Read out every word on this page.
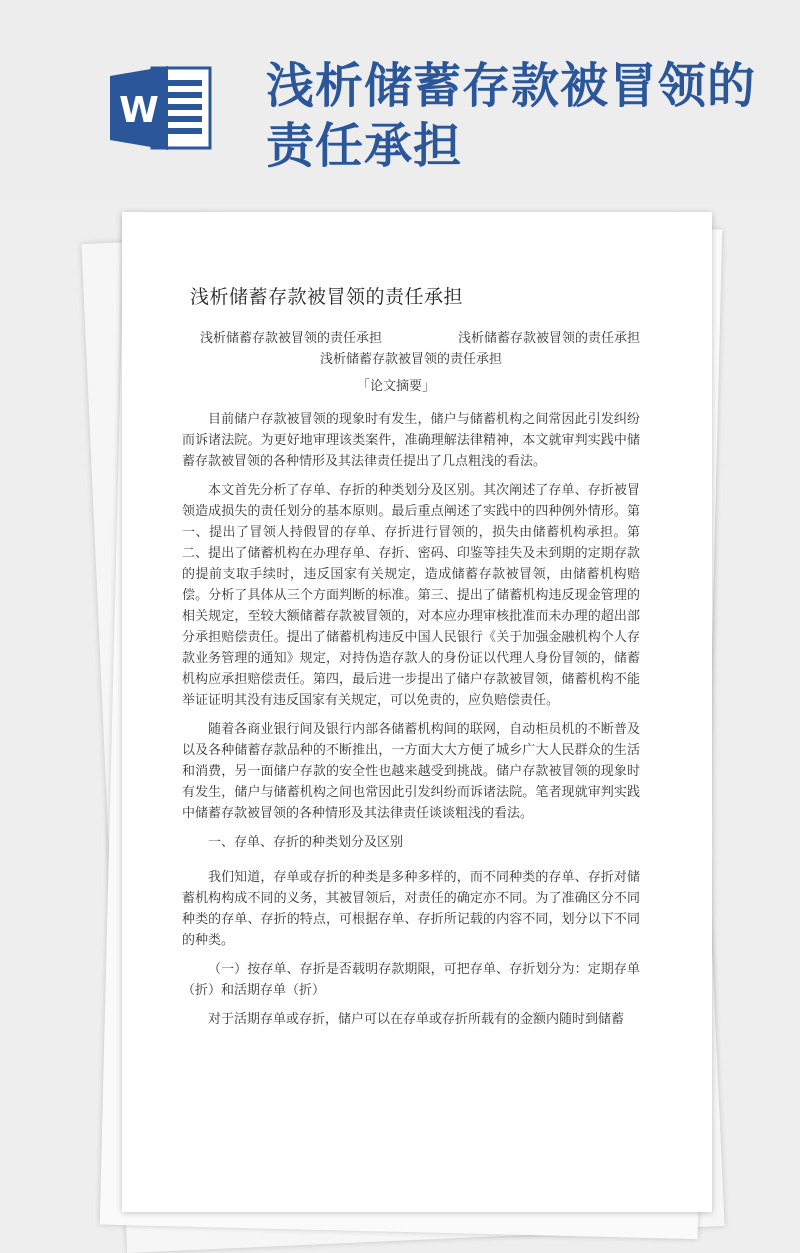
W 浅析储蓄存款被冒领的责任承担
浅析储蓄存款被冒领的责任承担
浅析储蓄存款被冒领的责任承担	浅析储蓄存款被冒领的责任承担
浅析储蓄存款被冒领的责任承担
「论文摘要」

目前储户存款被冒领的现象时有发生，储户与储蓄机构之间常因此引发纠纷而诉诸法院。为更好地审理该类案件，准确理解法律精神，本文就审判实践中储蓄存款被冒领的各种情形及其法律责任提出了几点粗浅的看法。

本文首先分析了存单、存折的种类划分及区别。其次阐述了存单、存折被冒领造成损失的责任划分的基本原则。最后重点阐述了实践中的四种例外情形。第一、提出了冒领人持假冒的存单、存折进行冒领的，损失由储蓄机构承担。第二、提出了储蓄机构在办理存单、存折、密码、印鉴等挂失及未到期的定期存款的提前支取手续时，违反国家有关规定，造成储蓄存款被冒领，由储蓄机构赔偿。分析了具体从三个方面判断的标准。第三、提出了储蓄机构违反现金管理的相关规定，至较大额储蓄存款被冒领的，对本应办理审核批准而未办理的超出部分承担赔偿责任。提出了储蓄机构违反中国人民银行《关于加强金融机构个人存款业务管理的通知》规定，对持伪造存款人的身份证以代理人身份冒领的，储蓄机构应承担赔偿责任。第四，最后进一步提出了储户存款被冒领，储蓄机构不能举证证明其没有违反国家有关规定，可以免责的，应负赔偿责任。

随着各商业银行间及银行内部各储蓄机构间的联网，自动柜员机的不断普及以及各种储蓄存款品种的不断推出，一方面大大方便了城乡广大人民群众的生活和消费，另一面储户存款的安全性也越来越受到挑战。储户存款被冒领的现象时有发生，储户与储蓄机构之间也常因此引发纠纷而诉诸法院。笔者现就审判实践中储蓄存款被冒领的各种情形及其法律责任谈谈粗浅的看法。

一、存单、存折的种类划分及区别

我们知道，存单或存折的种类是多种多样的，而不同种类的存单、存折对储蓄机构构成不同的义务，其被冒领后，对责任的确定亦不同。为了准确区分不同种类的存单、存折的特点，可根据存单、存折所记载的内容不同，划分以下不同的种类。

（一）按存单、存折是否载明存款期限，可把存单、存折划分为：定期存单（折）和活期存单（折）

对于活期存单或存折，储户可以在存单或存折所载有的金额内随时到储蓄
